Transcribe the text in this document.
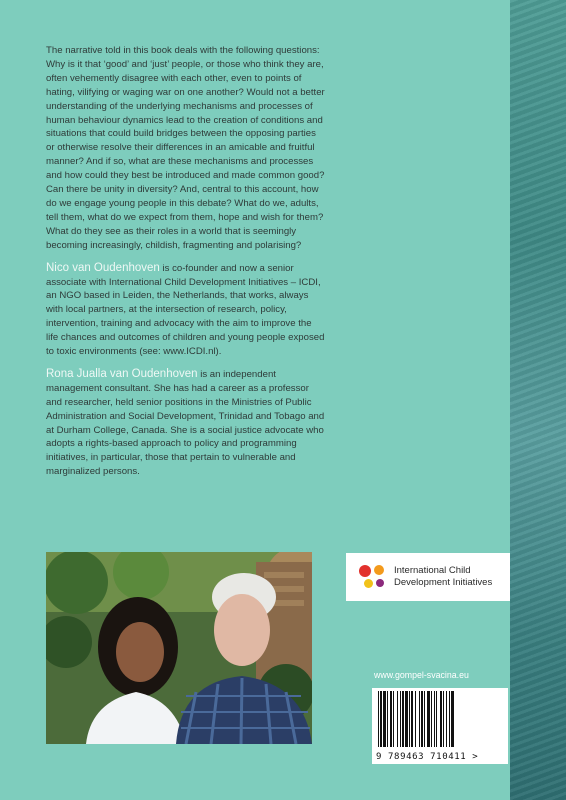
The narrative told in this book deals with the following questions: Why is it that ‘good’ and ‘just’ people, or those who think they are, often vehemently disagree with each other, even to points of hating, vilifying or waging war on one another? Would not a better understanding of the underlying mechanisms and processes of human behaviour dynamics lead to the creation of conditions and situations that could build bridges between the opposing parties or otherwise resolve their differences in an amicable and fruitful manner? And if so, what are these mechanisms and processes and how could they best be introduced and made common good? Can there be unity in diversity? And, central to this account, how do we engage young people in this debate? What do we, adults, tell them, what do we expect from them, hope and wish for them? What do they see as their roles in a world that is seemingly becoming increasingly, childish, fragmenting and polarising?

Nico van Oudenhoven is co-founder and now a senior associate with International Child Development Initiatives – ICDI, an NGO based in Leiden, the Netherlands, that works, always with local partners, at the intersection of research, policy, intervention, training and advocacy with the aim to improve the life chances and outcomes of children and young people exposed to toxic environments (see: www.ICDI.nl).

Rona Jualla van Oudenhoven is an independent management consultant. She has had a career as a professor and researcher, held senior positions in the Ministries of Public Administration and Social Development, Trinidad and Tobago and at Durham College, Canada. She is a social justice advocate who adopts a rights-based approach to policy and programming initiatives, in particular, those that pertain to vulnerable and marginalized persons.

International Child
Development Initiatives
www.gompel-svacina.eu
9 789463 710411 >
